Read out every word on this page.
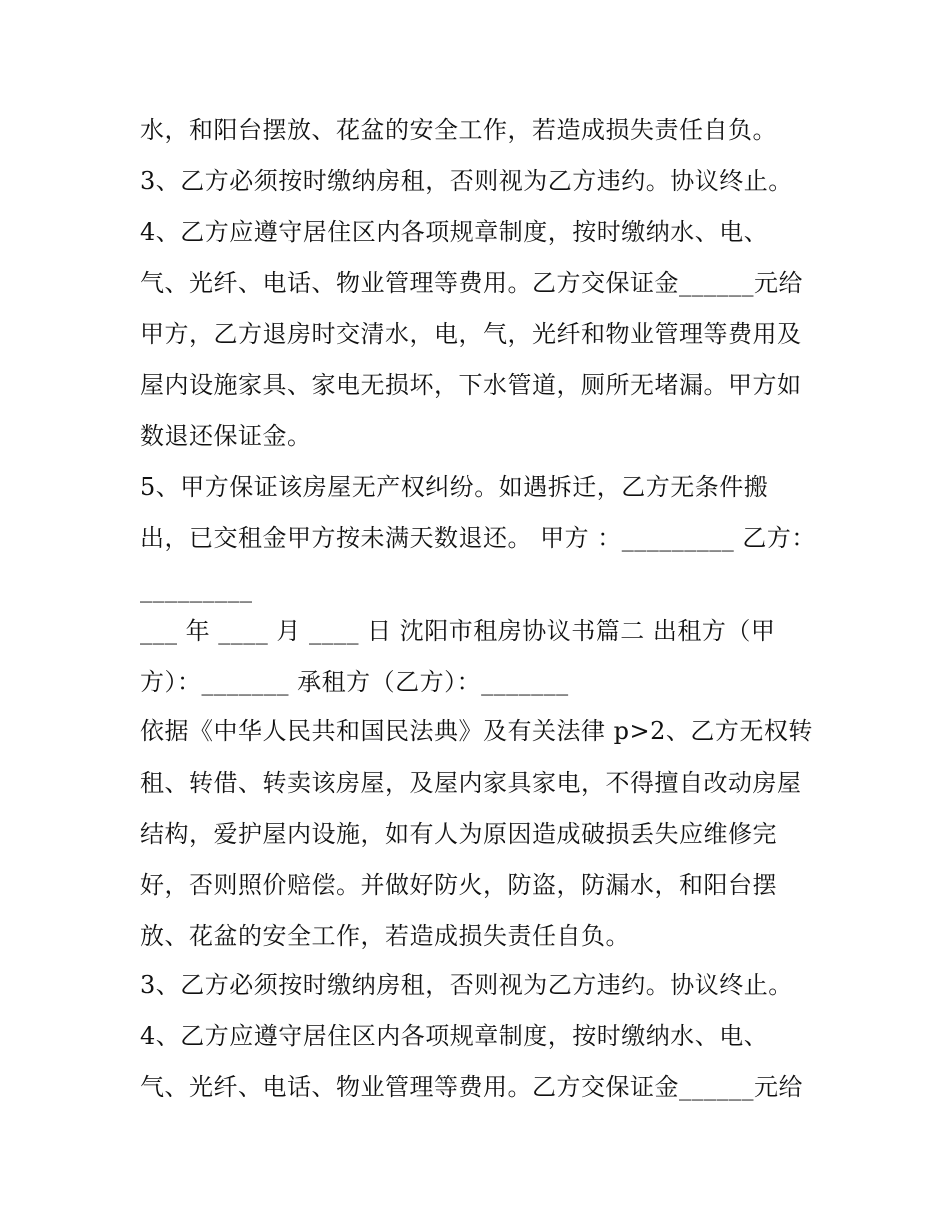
水，和阳台摆放、花盆的安全工作，若造成损失责任自负。
3、乙方必须按时缴纳房租，否则视为乙方违约。协议终止。
4、乙方应遵守居住区内各项规章制度，按时缴纳水、电、
气、光纤、电话、物业管理等费用。乙方交保证金______元给
甲方，乙方退房时交清水，电，气，光纤和物业管理等费用及
屋内设施家具、家电无损坏，下水管道，厕所无堵漏。甲方如
数退还保证金。
5、甲方保证该房屋无产权纠纷。如遇拆迁，乙方无条件搬
出，已交租金甲方按未满天数退还。 甲方 ：_________ 乙方：
_________
___ 年 ____ 月 ____ 日 沈阳市租房协议书篇二 出租方（甲
方）：_______ 承租方（乙方）：_______
依据《中华人民共和国民法典》及有关法律 p>2、乙方无权转
租、转借、转卖该房屋，及屋内家具家电，不得擅自改动房屋
结构，爱护屋内设施，如有人为原因造成破损丢失应维修完
好，否则照价赔偿。并做好防火，防盗，防漏水，和阳台摆
放、花盆的安全工作，若造成损失责任自负。
3、乙方必须按时缴纳房租，否则视为乙方违约。协议终止。
4、乙方应遵守居住区内各项规章制度，按时缴纳水、电、
气、光纤、电话、物业管理等费用。乙方交保证金______元给
